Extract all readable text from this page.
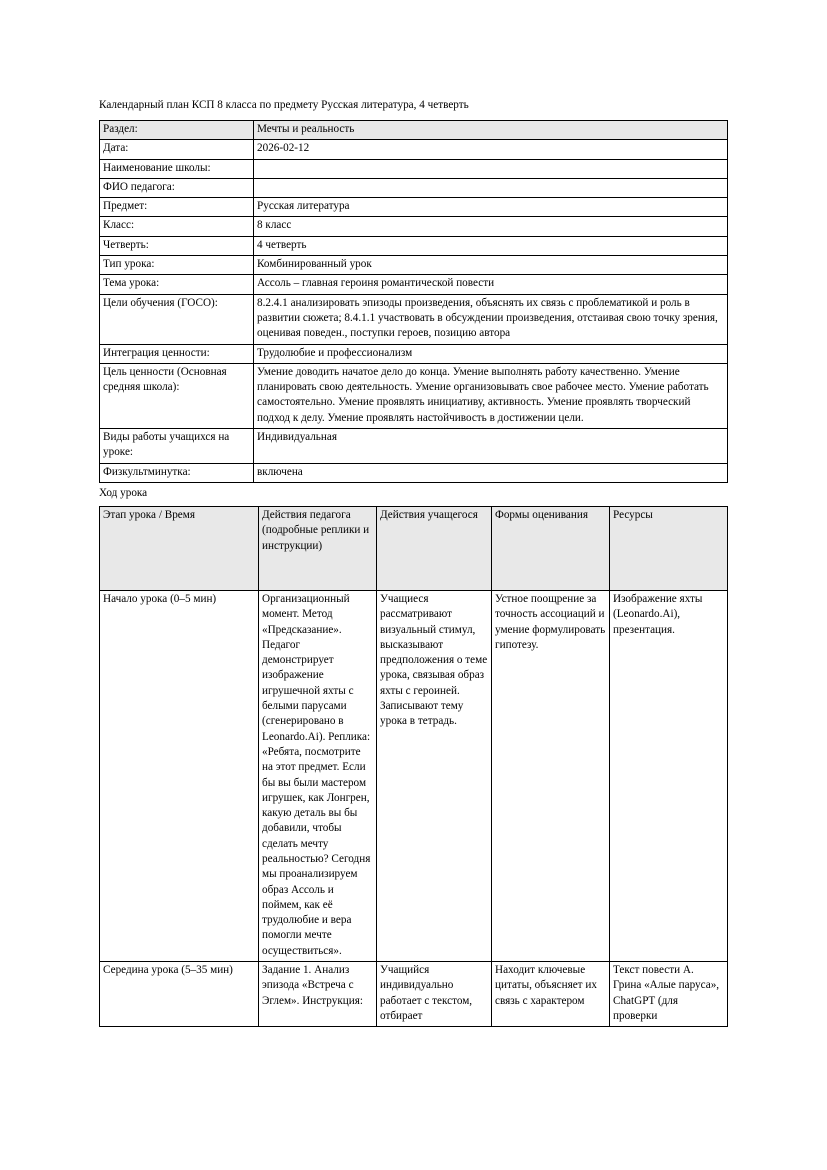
Календарный план КСП 8 класса по предмету Русская литература, 4 четверть
Раздел:	Мечты и реальность
Дата:	2026-02-12
Наименование школы:	
ФИО педагога:	
Предмет:	Русская литература
Класс:	8 класс
Четверть:	4 четверть
Тип урока:	Комбинированный урок
Тема урока:	Ассоль – главная героиня романтической повести
Цели обучения (ГОСО):	8.2.4.1 анализировать эпизоды произведения, объяснять их связь с проблематикой и роль в развитии сюжета; 8.4.1.1 участвовать в обсуждении произведения, отстаивая свою точку зрения, оценивая поведен., поступки героев, позицию автора
Интеграция ценности:	Трудолюбие и профессионализм
Цель ценности (Основная средняя школа):	Умение доводить начатое дело до конца. Умение выполнять работу качественно. Умение планировать свою деятельность. Умение организовывать свое рабочее место. Умение работать самостоятельно. Умение проявлять инициативу, активность. Умение проявлять творческий подход к делу. Умение проявлять настойчивость в достижении цели.
Виды работы учащихся на уроке:	Индивидуальная
Физкультминутка:	включена
Ход урока
Этап урока / Время	Действия педагога (подробные реплики и инструкции)	Действия учащегося	Формы оценивания	Ресурсы
Начало урока (0–5 мин)	Организационный момент. Метод «Предсказание». Педагог демонстрирует изображение игрушечной яхты с белыми парусами (сгенерировано в Leonardo.Ai). Реплика: «Ребята, посмотрите на этот предмет. Если бы вы были мастером игрушек, как Лонгрен, какую деталь вы бы добавили, чтобы сделать мечту реальностью? Сегодня мы проанализируем образ Ассоль и поймем, как её трудолюбие и вера помогли мечте осуществиться».	Учащиеся рассматривают визуальный стимул, высказывают предположения о теме урока, связывая образ яхты с героиней. Записывают тему урока в тетрадь.	Устное поощрение за точность ассоциаций и умение формулировать гипотезу.	Изображение яхты (Leonardo.Ai), презентация.
Середина урока (5–35 мин)	Задание 1. Анализ эпизода «Встреча с Эглем». Инструкция:	Учащийся индивидуально работает с текстом, отбирает	Находит ключевые цитаты, объясняет их связь с характером	Текст повести А. Грина «Алые паруса», ChatGPT (для проверки
